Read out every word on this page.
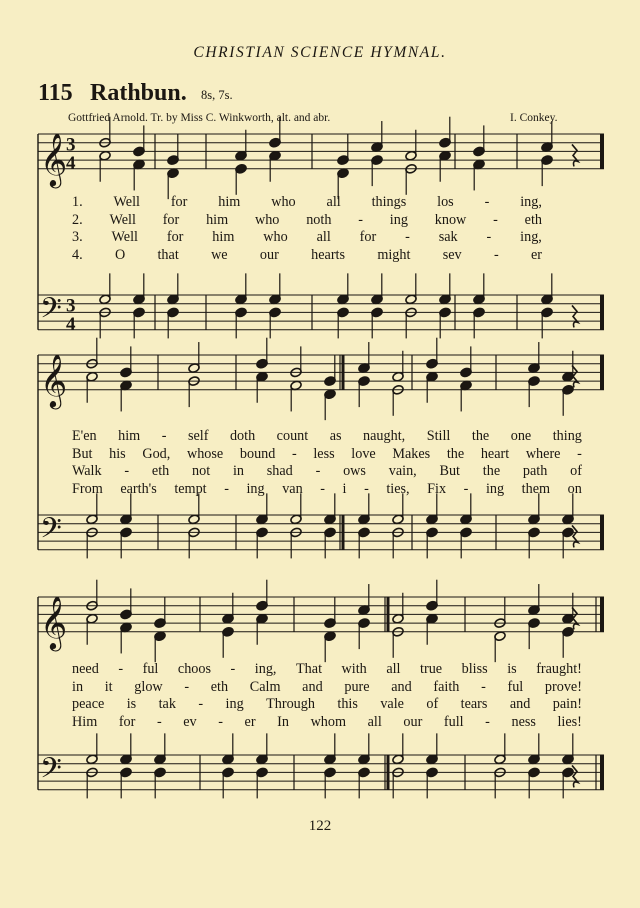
CHRISTIAN SCIENCE HYMNAL.
115 Rathbun. 8s, 7s.
Gottfried Arnold. Tr. by Miss C. Winkworth, alt. and abr.	I. Conkey.
𝄞
𝄢
3
4
3
4
𝄞
𝄢
𝄞
𝄢
1. Well for him who all things los - ing,
2. Well for him who noth - ing know - eth
3. Well for him who all for - sak - ing,
4. O that we our hearts might sev - er
E'en him - self doth count as naught, Still the one thing
But his God, whose bound - less love Makes the heart where -
Walk - eth not in shad - ows vain, But the path of
From earth's tempt - ing van - i - ties, Fix - ing them on
need - ful choos - ing, That with all true bliss is fraught!
in it glow - eth Calm and pure and faith - ful prove!
peace is tak - ing Through this vale of tears and pain!
Him for - ev - er In whom all our full - ness lies!
122
